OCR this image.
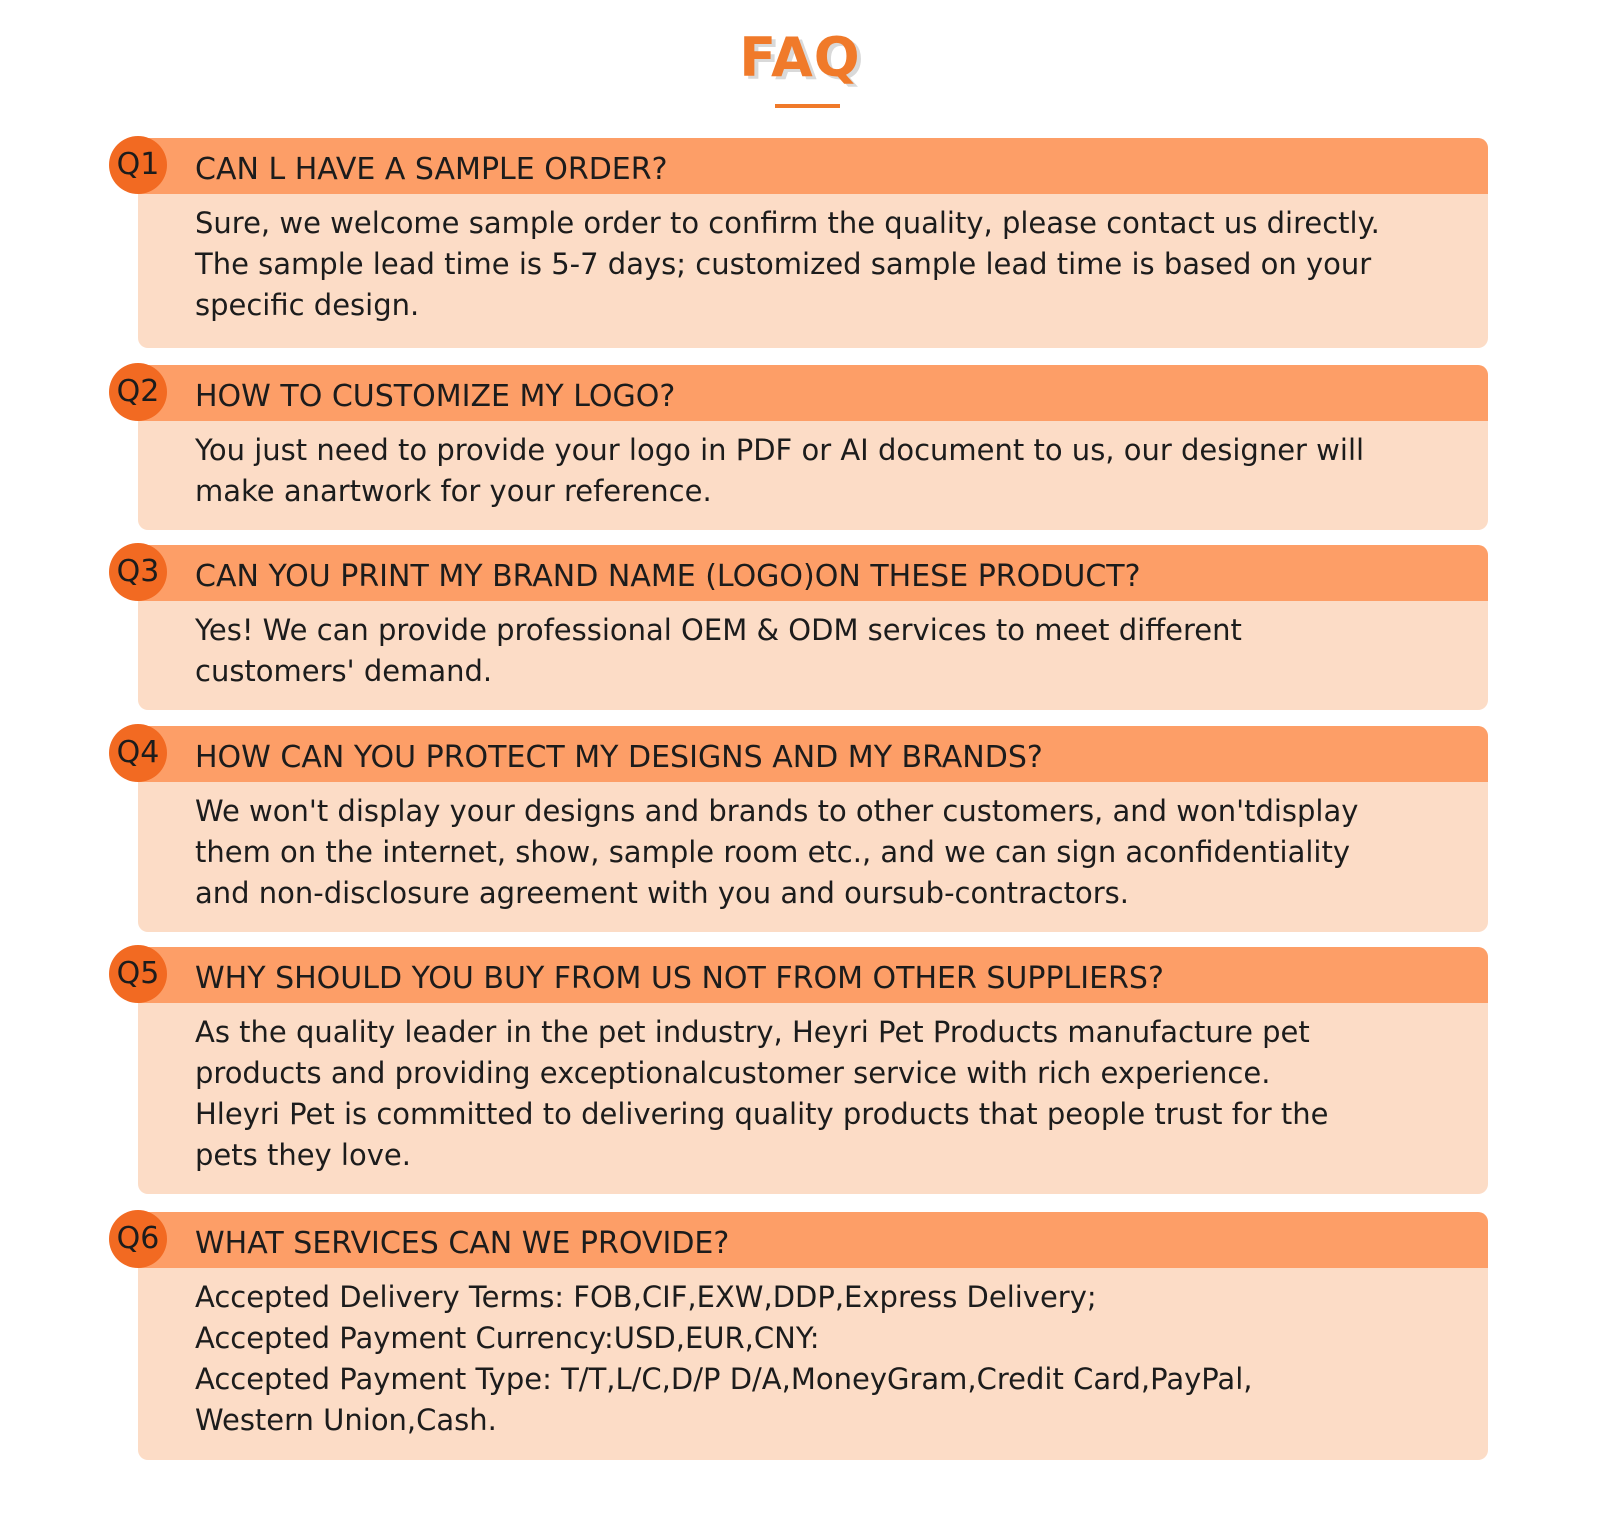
FAQ
Q1 CAN L HAVE A SAMPLE ORDER?

Sure, we welcome sample order to confirm the quality, please contact us directly.

The sample lead time is 5-7 days; customized sample lead time is based on your

specific design.

Q2 HOW TO CUSTOMIZE MY LOGO?

You just need to provide your logo in PDF or AI document to us, our designer will

make anartwork for your reference.

Q3 CAN YOU PRINT MY BRAND NAME (LOGO)ON THESE PRODUCT?

Yes! We can provide professional OEM & ODM services to meet different

customers' demand.

Q4 HOW CAN YOU PROTECT MY DESIGNS AND MY BRANDS?

We won't display your designs and brands to other customers, and won'tdisplay

them on the internet, show, sample room etc., and we can sign aconfidentiality

and non-disclosure agreement with you and oursub-contractors.

Q5 WHY SHOULD YOU BUY FROM US NOT FROM OTHER SUPPLIERS?

As the quality leader in the pet industry, Heyri Pet Products manufacture pet

products and providing exceptionalcustomer service with rich experience.

Hleyri Pet is committed to delivering quality products that people trust for the

pets they love.

Q6 WHAT SERVICES CAN WE PROVIDE?

Accepted Delivery Terms: FOB,CIF,EXW,DDP,Express Delivery;

Accepted Payment Currency:USD,EUR,CNY:

Accepted Payment Type: T/T,L/C,D/P D/A,MoneyGram,Credit Card,PayPal,

Western Union,Cash.
